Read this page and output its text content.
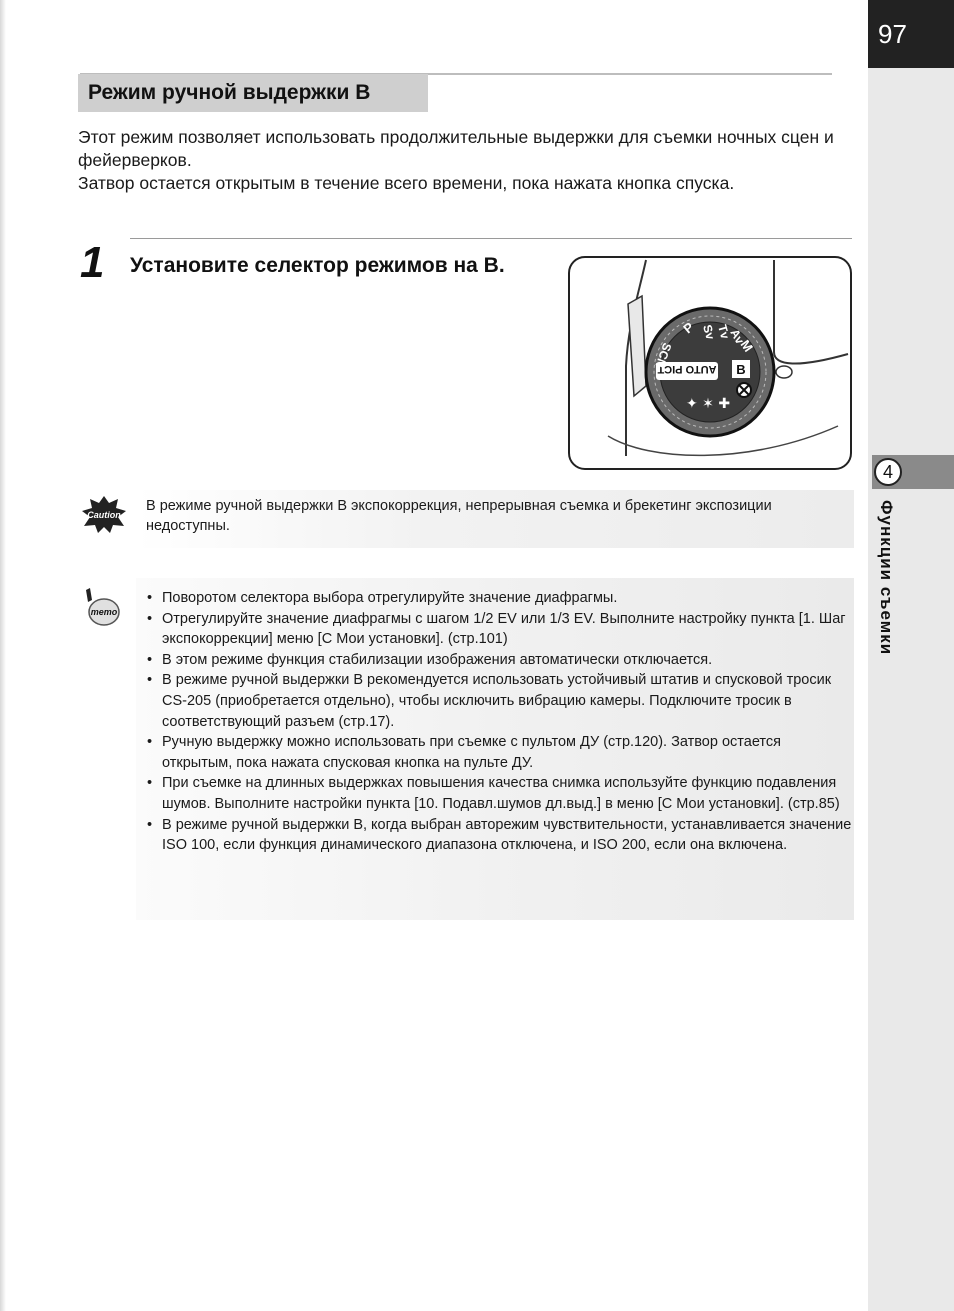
97
4
Функции съемки
Режим ручной выдержки B

Этот режим позволяет использовать продолжительные выдержки для съемки ночных сцен и фейерверков.

Затвор остается открытым в течение всего времени, пока нажата кнопка спуска.

1 Установите селектор режимов на B.
AUTO PICT B
P Sv
Tv
Av
M
SCN
✦ ✶ ✚
Caution
В режиме ручной выдержки B экспокоррекция, непрерывная съемка и брекетинг экспозиции недоступны.
memo
• Поворотом селектора выбора отрегулируйте значение диафрагмы.
• Отрегулируйте значение диафрагмы с шагом 1/2 EV или 1/3 EV. Выполните настройку пункта [1. Шаг экспокоррекции] меню [C Мои установки]. (стр.101)
• В этом режиме функция стабилизации изображения автоматически отключается.
• В режиме ручной выдержки B рекомендуется использовать устойчивый штатив и спусковой тросик CS-205 (приобретается отдельно), чтобы исключить вибрацию камеры. Подключите тросик в соответствующий разъем (стр.17).
• Ручную выдержку можно использовать при съемке с пультом ДУ (стр.120). Затвор остается открытым, пока нажата спусковая кнопка на пульте ДУ.
• При съемке на длинных выдержках повышения качества снимка используйте функцию подавления шумов. Выполните настройки пункта [10. Подавл.шумов дл.выд.] в меню [C Мои установки]. (стр.85)
• В режиме ручной выдержки B, когда выбран авторежим чувствительности, устанавливается значение ISO 100, если функция динамического диапазона отключена, и ISO 200, если она включена.
